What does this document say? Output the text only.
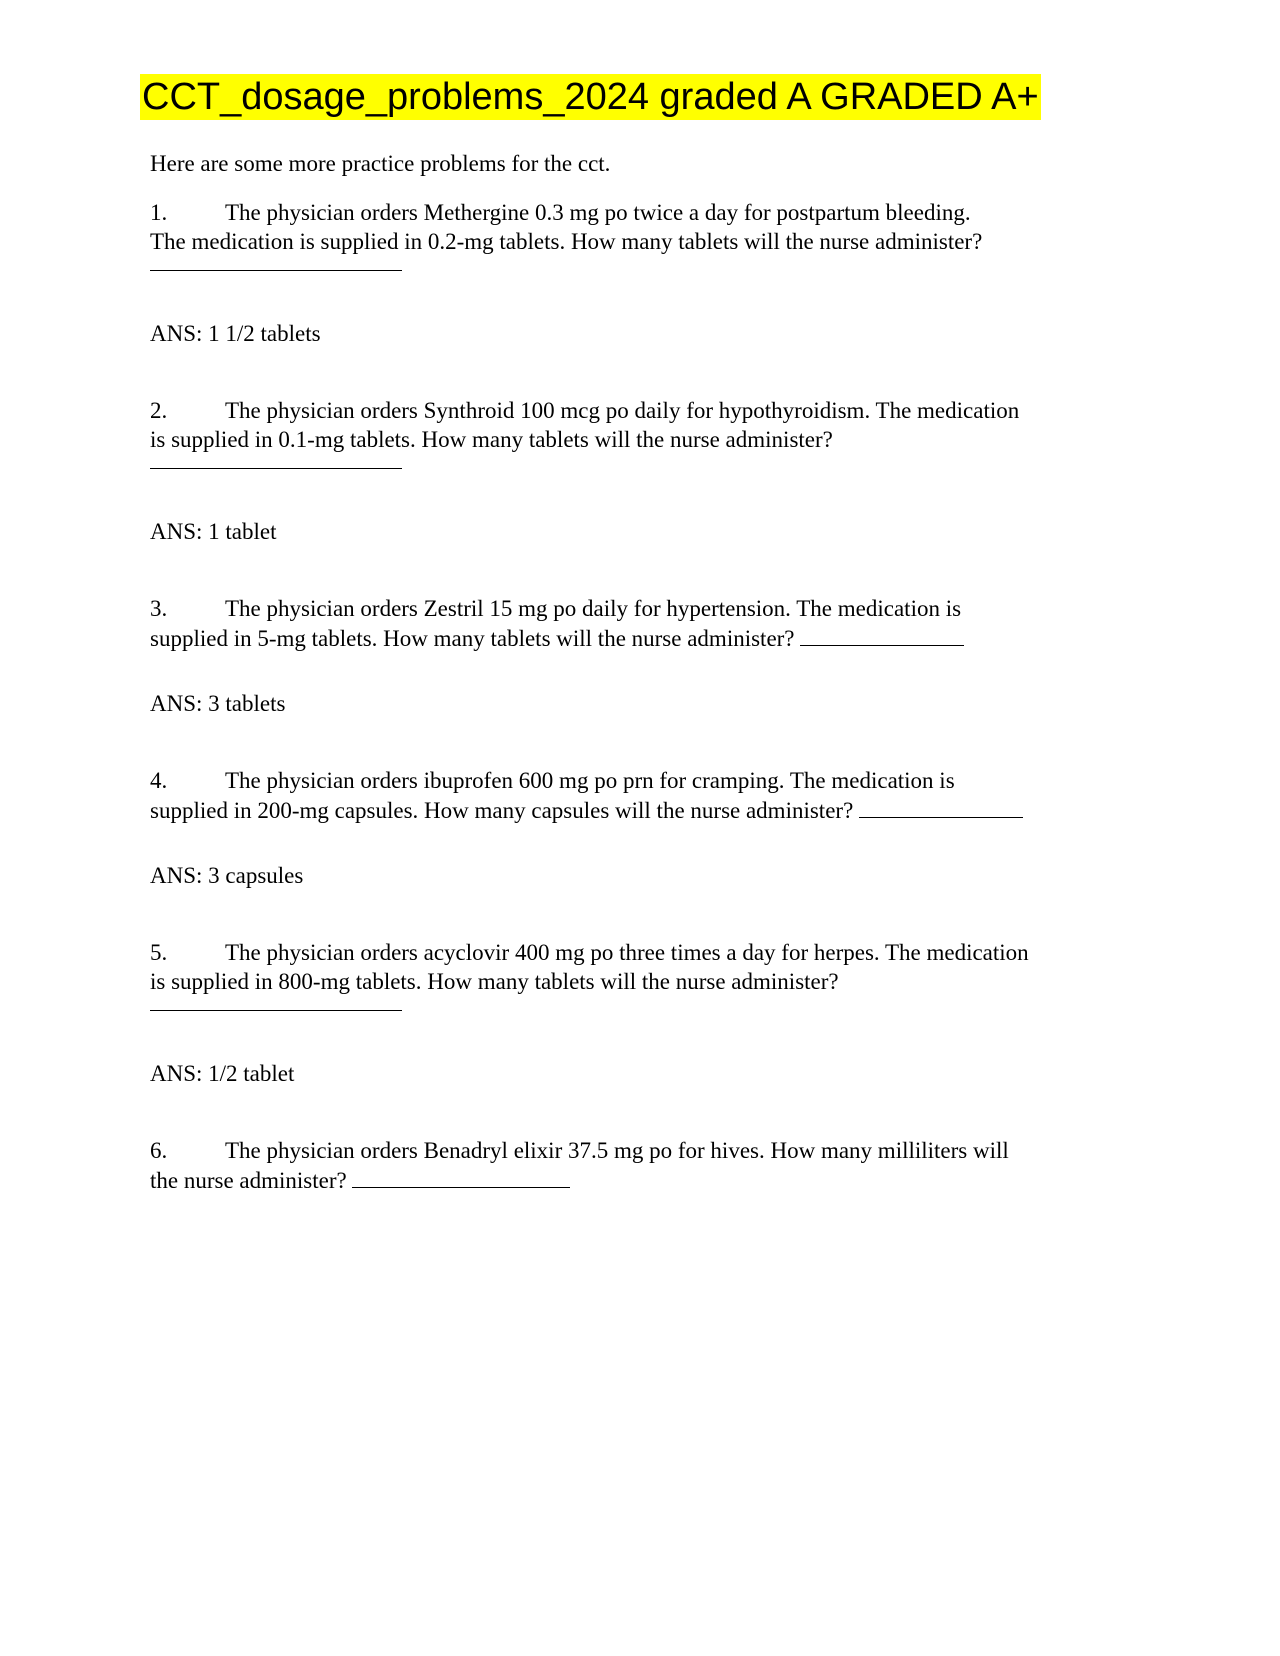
CCT_dosage_problems_2024 graded A GRADED A+
Here are some more practice problems for the cct.
1.	The physician orders Methergine 0.3 mg po twice a day for postpartum bleeding.
The medication is supplied in 0.2-mg tablets. How many tablets will the nurse administer?
ANS: 1 1/2 tablets
2.	The physician orders Synthroid 100 mcg po daily for hypothyroidism. The medication
is supplied in 0.1-mg tablets. How many tablets will the nurse administer?
ANS: 1 tablet
3.	The physician orders Zestril 15 mg po daily for hypertension. The medication is
supplied in 5-mg tablets. How many tablets will the nurse administer?
ANS: 3 tablets
4.	The physician orders ibuprofen 600 mg po prn for cramping. The medication is
supplied in 200-mg capsules. How many capsules will the nurse administer?
ANS: 3 capsules
5.	The physician orders acyclovir 400 mg po three times a day for herpes. The medication
is supplied in 800-mg tablets. How many tablets will the nurse administer?
ANS: 1/2 tablet
6.	The physician orders Benadryl elixir 37.5 mg po for hives. How many milliliters will
the nurse administer?
